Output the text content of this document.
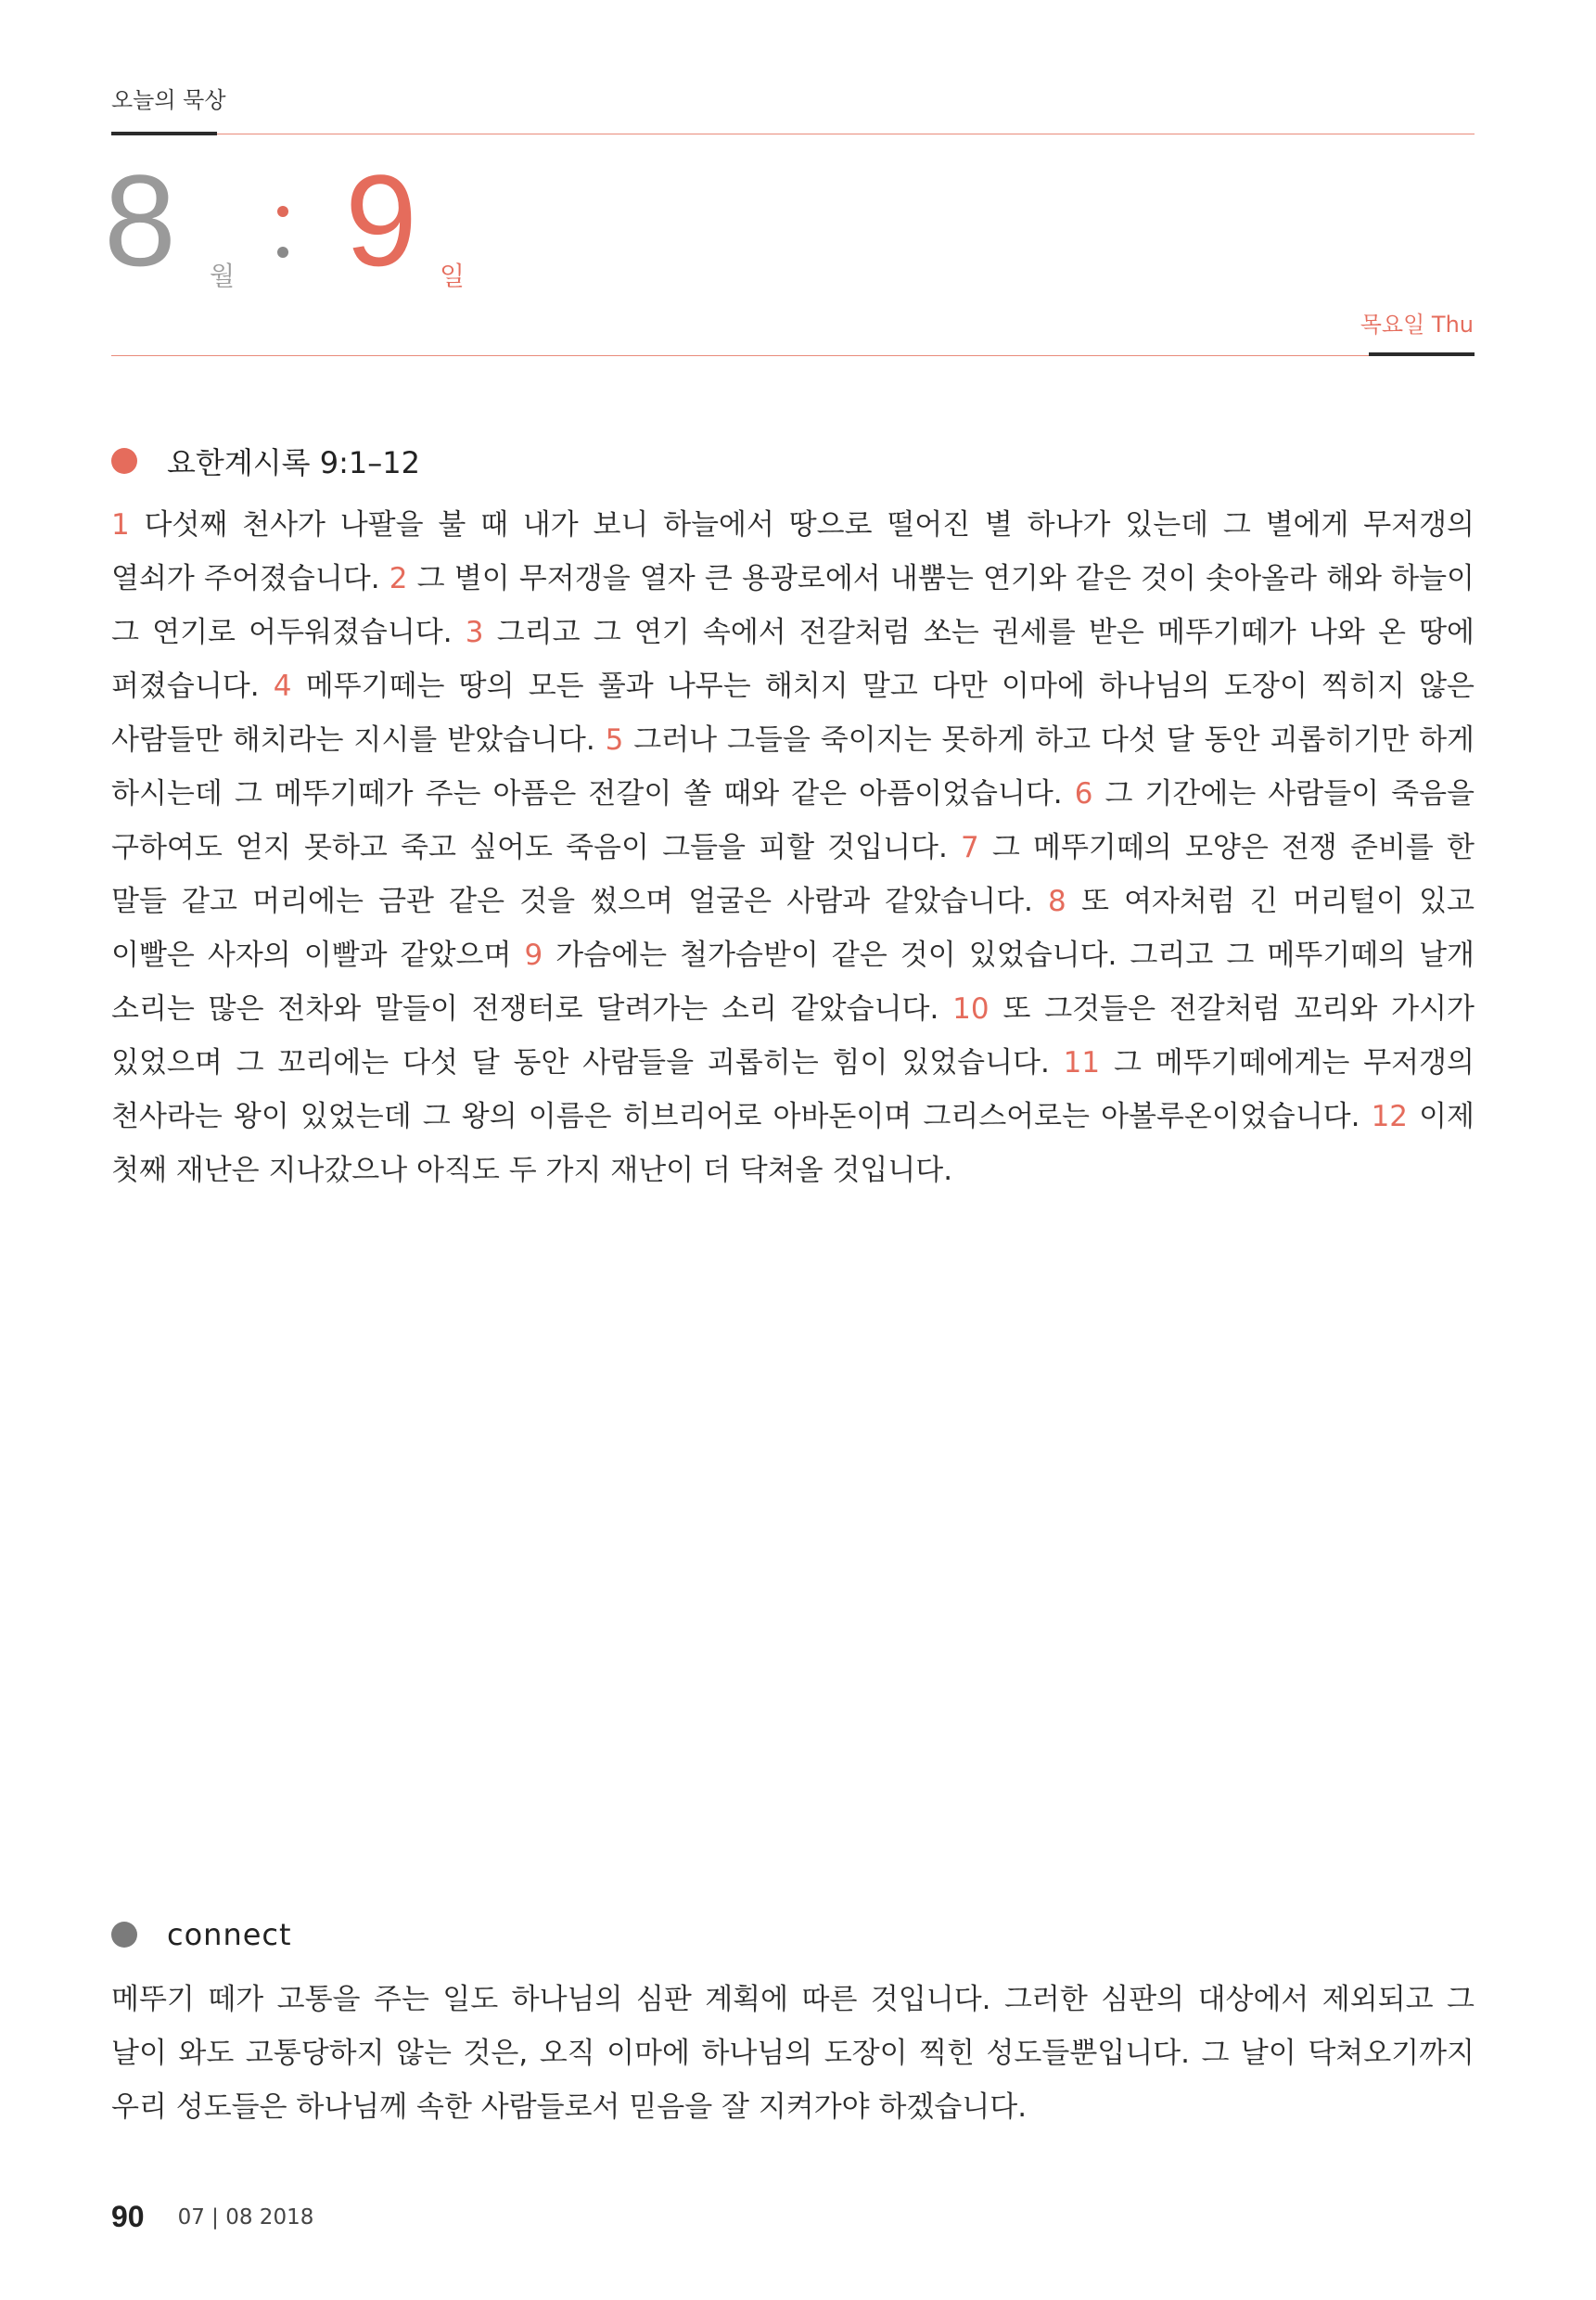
오늘의 묵상
8 월 9 일
목요일 Thu
요한계시록 9:1–12
1 다섯째 천사가 나팔을 불 때 내가 보니 하늘에서 땅으로 떨어진 별 하나가 있는데 그 별에게 무저갱의 열쇠가 주어졌습니다. 2 그 별이 무저갱을 열자 큰 용광로에서 내뿜는 연기와 같은 것이 솟아올라 해와 하늘이 그 연기로 어두워졌습니다. 3 그리고 그 연기 속에서 전갈처럼 쏘는 권세를 받은 메뚜기떼가 나와 온 땅에 퍼졌습니다. 4 메뚜기떼는 땅의 모든 풀과 나무는 해치지 말고 다만 이마에 하나님의 도장이 찍히지 않은 사람들만 해치라는 지시를 받았습니다. 5 그러나 그들을 죽이지는 못하게 하고 다섯 달 동안 괴롭히기만 하게 하시는데 그 메뚜기떼가 주는 아픔은 전갈이 쏠 때와 같은 아픔이었습니다. 6 그 기간에는 사람들이 죽음을 구하여도 얻지 못하고 죽고 싶어도 죽음이 그들을 피할 것입니다. 7 그 메뚜기떼의 모양은 전쟁 준비를 한 말들 같고 머리에는 금관 같은 것을 썼으며 얼굴은 사람과 같았습니다. 8 또 여자처럼 긴 머리털이 있고 이빨은 사자의 이빨과 같았으며 9 가슴에는 철가슴받이 같은 것이 있었습니다. 그리고 그 메뚜기떼의 날개 소리는 많은 전차와 말들이 전쟁터로 달려가는 소리 같았습니다. 10 또 그것들은 전갈처럼 꼬리와 가시가 있었으며 그 꼬리에는 다섯 달 동안 사람들을 괴롭히는 힘이 있었습니다. 11 그 메뚜기떼에게는 무저갱의 천사라는 왕이 있었는데 그 왕의 이름은 히브리어로 아바돈이며 그리스어로는 아볼루온이었습니다. 12 이제 첫째 재난은 지나갔으나 아직도 두 가지 재난이 더 닥쳐올 것입니다.
connect
메뚜기 떼가 고통을 주는 일도 하나님의 심판 계획에 따른 것입니다. 그러한 심판의 대상에서 제외되고 그 날이 와도 고통당하지 않는 것은, 오직 이마에 하나님의 도장이 찍힌 성도들뿐입니다. 그 날이 닥쳐오기까지 우리 성도들은 하나님께 속한 사람들로서 믿음을 잘 지켜가야 하겠습니다.
90 07 | 08 2018
